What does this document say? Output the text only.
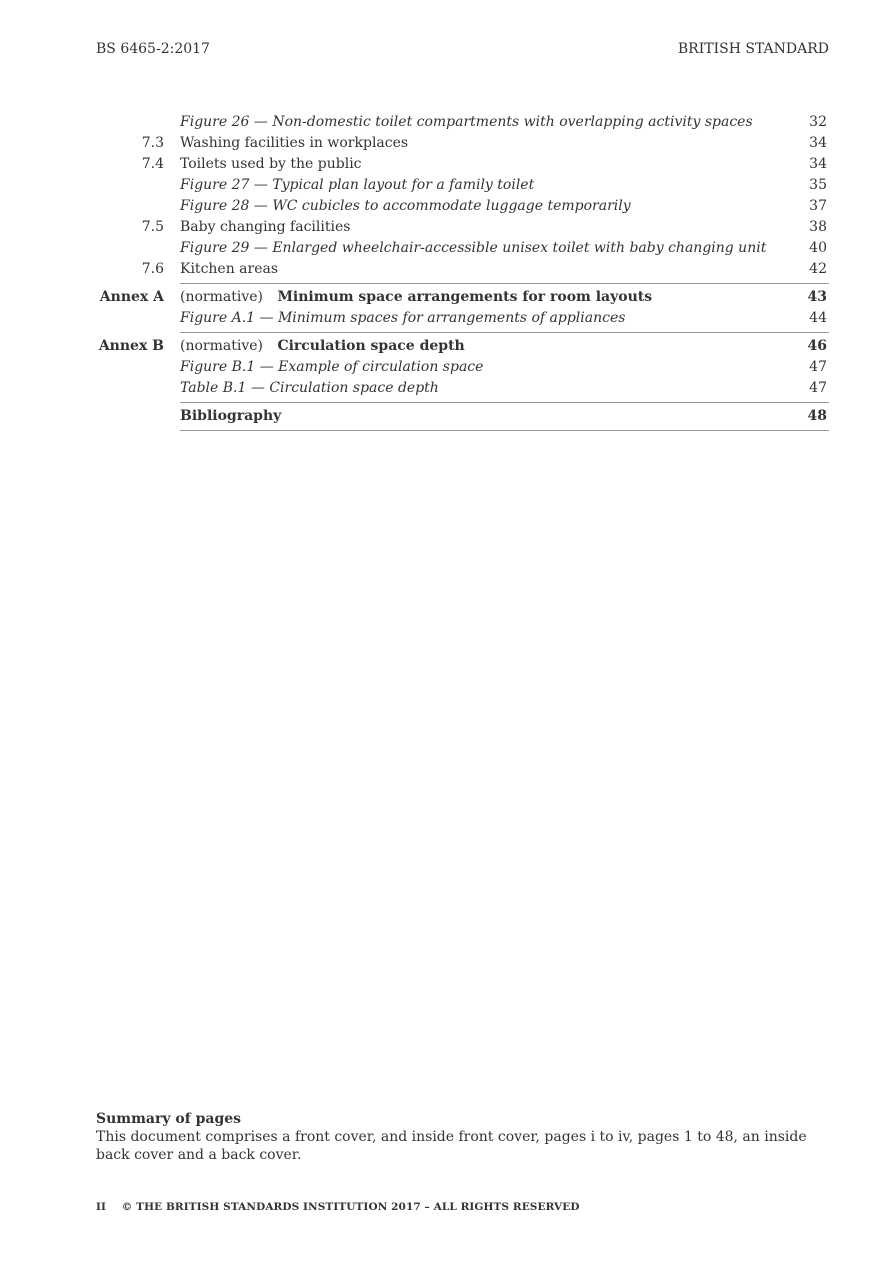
BS 6465-2:2017	BRITISH STANDARD
Figure 26 — Non-domestic toilet compartments with overlapping activity spaces	32
7.3	Washing facilities in workplaces	34
7.4	Toilets used by the public	34
Figure 27 — Typical plan layout for a family toilet	35
Figure 28 — WC cubicles to accommodate luggage temporarily	37
7.5	Baby changing facilities	38
Figure 29 — Enlarged wheelchair-accessible unisex toilet with baby changing unit	40
7.6	Kitchen areas	42
Annex A	(normative) Minimum space arrangements for room layouts	43
Figure A.1 — Minimum spaces for arrangements of appliances	44
Annex B	(normative) Circulation space depth	46
Figure B.1 — Example of circulation space	47
Table B.1 — Circulation space depth	47
Bibliography	48
Summary of pages
This document comprises a front cover, and inside front cover, pages i to iv, pages 1 to 48, an inside back cover and a back cover.
II © THE BRITISH STANDARDS INSTITUTION 2017 – ALL RIGHTS RESERVED
